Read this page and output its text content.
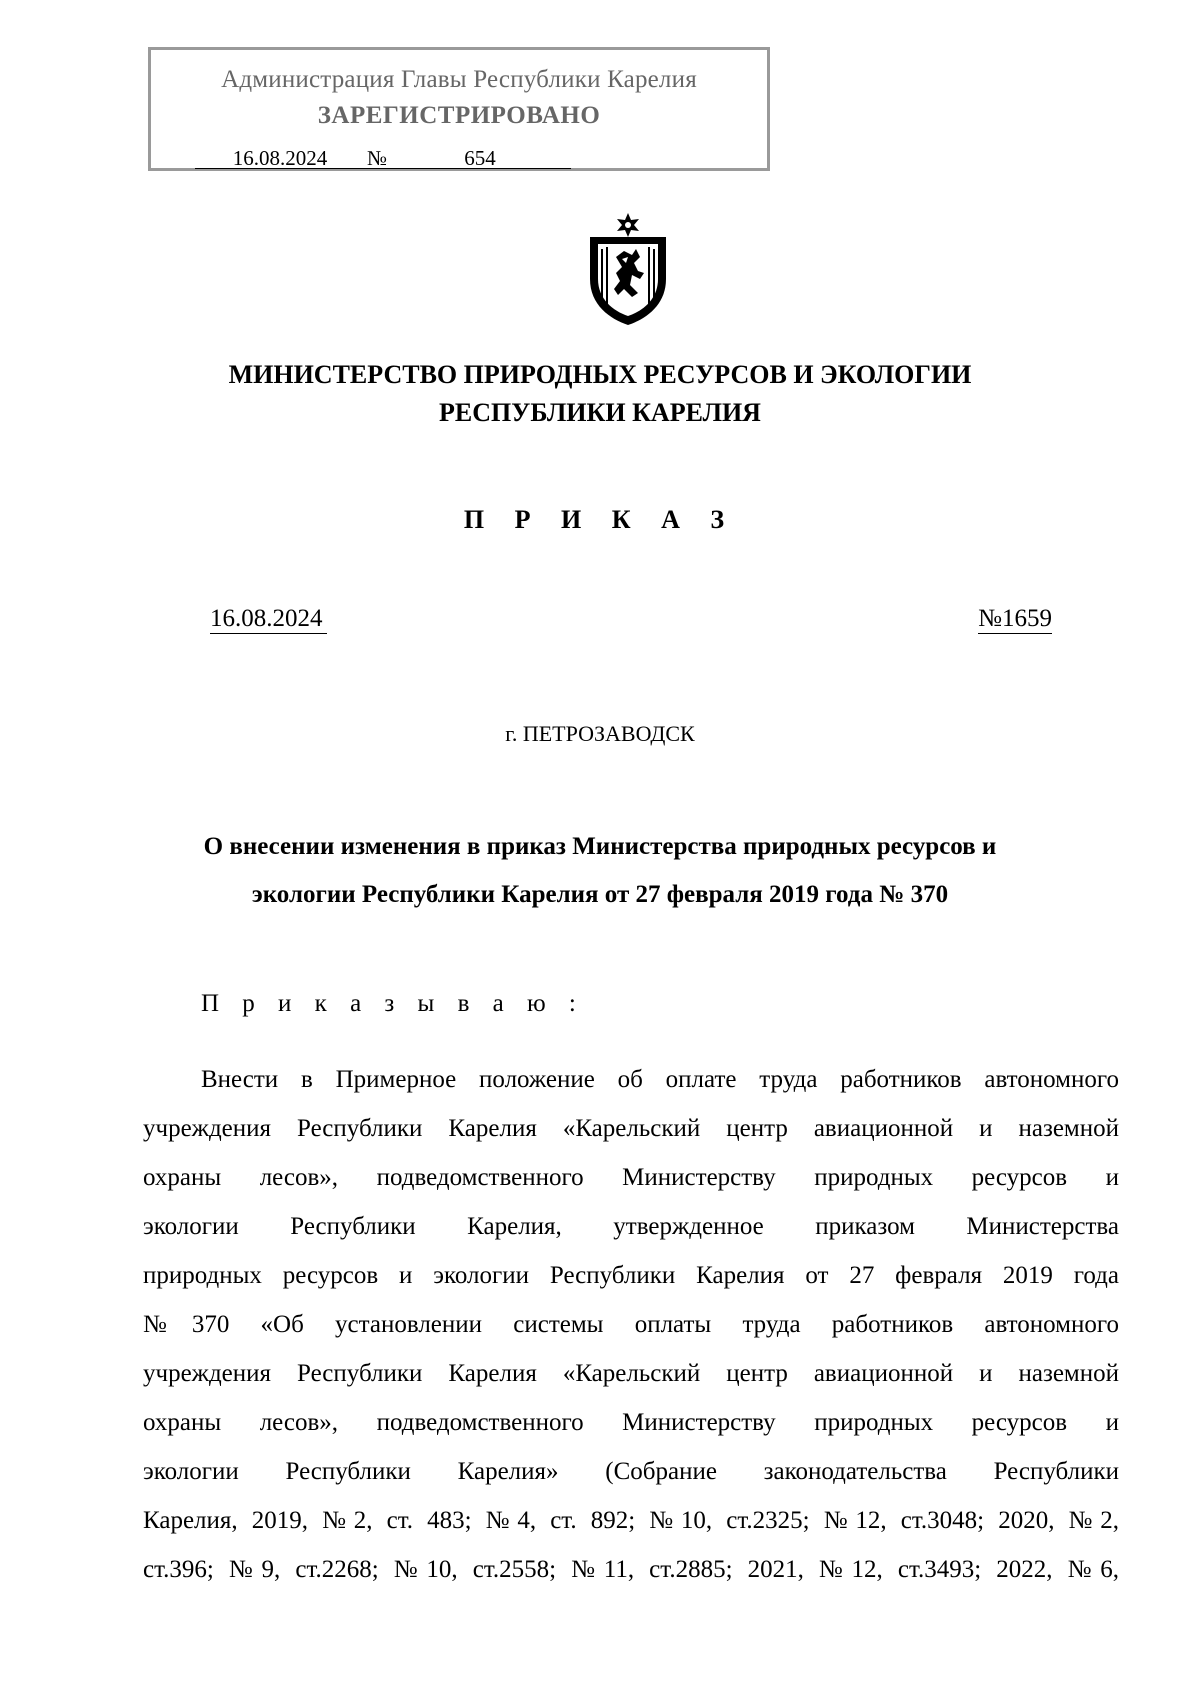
Администрация Главы Республики Карелия
ЗАРЕГИСТРИРОВАНО
16.08.2024 №	654
МИНИСТЕРСТВО ПРИРОДНЫХ РЕСУРСОВ И ЭКОЛОГИИ
РЕСПУБЛИКИ КАРЕЛИЯ
П Р И К А З
16.08.2024	№1659
г. ПЕТРОЗАВОДСК
О внесении изменения в приказ Министерства природных ресурсов и
экологии Республики Карелия от 27 февраля 2019 года № 370
П р и к а з ы в а ю :
Внести в Примерное положение об оплате труда работников автономного
учреждения Республики Карелия «Карельский центр авиационной и наземной
охраны лесов», подведомственного Министерству природных ресурсов и
экологии Республики Карелия, утвержденное приказом Министерства
природных ресурсов и экологии Республики Карелия от 27 февраля 2019 года
№370 «Об установлении системы оплаты труда работников автономного
учреждения Республики Карелия «Карельский центр авиационной и наземной
охраны лесов», подведомственного Министерству природных ресурсов и
экологии Республики Карелия» (Собрание законодательства Республики
Карелия, 2019, №2, ст. 483; №4, ст. 892; №10, ст.2325; №12, ст.3048; 2020, №2,
ст.396; №9, ст.2268; №10, ст.2558; №11, ст.2885; 2021, №12, ст.3493; 2022, №6,
